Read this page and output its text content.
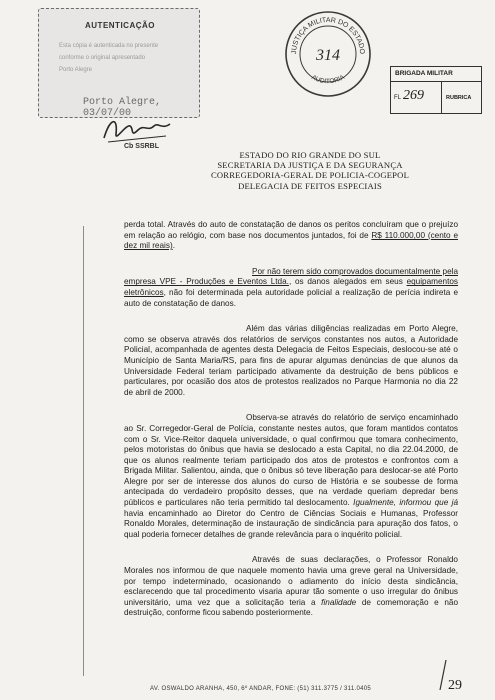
AUTENTICAÇÃO
Esta cópia é autenticada no presente
conforme o original apresentado
Porto Alegre
Porto Alegre, 03/07/00
Cb SSRBL
JUSTIÇA MILITAR DO ESTADO
AUDITORIA
314
BRIGADA MILITAR
FL 269	RUBRICA
ESTADO DO RIO GRANDE DO SUL
SECRETARIA DA JUSTIÇA E DA SEGURANÇA
CORREGEDORIA-GERAL DE POLICIA-COGEPOL
DELEGACIA DE FEITOS ESPECIAIS

perda total. Através do auto de constatação de danos os peritos concluíram que o prejuízo em relação ao relógio, com base nos documentos juntados, foi de R$ 110.000,00 (cento e dez mil reais).

Por não terem sido comprovados documentalmente pela empresa VPE - Produções e Eventos Ltda., os danos alegados em seus equipamentos eletrônicos, não foi determinada pela autoridade policial a realização de perícia indireta e auto de constatação de danos.

Além das várias diligências realizadas em Porto Alegre, como se observa através dos relatórios de serviços constantes nos autos, a Autoridade Policial, acompanhada de agentes desta Delegacia de Feitos Especiais, deslocou-se até o Município de Santa Maria/RS, para fins de apurar algumas denúncias de que alunos da Universidade Federal teriam participado ativamente da destruição de bens públicos e particulares, por ocasião dos atos de protestos realizados no Parque Harmonia no dia 22 de abril de 2000.

Observa-se através do relatório de serviço encaminhado ao Sr. Corregedor-Geral de Polícia, constante nestes autos, que foram mantidos contatos com o Sr. Vice-Reitor daquela universidade, o qual confirmou que tomara conhecimento, pelos motoristas do ônibus que havia se deslocado a esta Capital, no dia 22.04.2000, de que os alunos realmente teriam participado dos atos de protestos e confrontos com a Brigada Militar. Salientou, ainda, que o ônibus só teve liberação para deslocar-se até Porto Alegre por ser de interesse dos alunos do curso de História e se soubesse de forma antecipada do verdadeiro propósito desses, que na verdade queriam depredar bens públicos e particulares não teria permitido tal deslocamento. Igualmente, informou que já havia encaminhado ao Diretor do Centro de Ciências Sociais e Humanas, Professor Ronaldo Morales, determinação de instauração de sindicância para apuração dos fatos, o qual poderia fornecer detalhes de grande relevância para o inquérito policial.

Através de suas declarações, o Professor Ronaldo Morales nos informou de que naquele momento havia uma greve geral na Universidade, por tempo indeterminado, ocasionando o adiamento do início desta sindicância, esclarecendo que tal procedimento visaria apurar tão somente o uso irregular do ônibus universitário, uma vez que a solicitação teria a finalidade de comemoração e não destruição, conforme ficou sabendo posteriormente.

AV. OSWALDO ARANHA, 450, 6º ANDAR, FONE: (51) 311.3775 / 311.0405	29
